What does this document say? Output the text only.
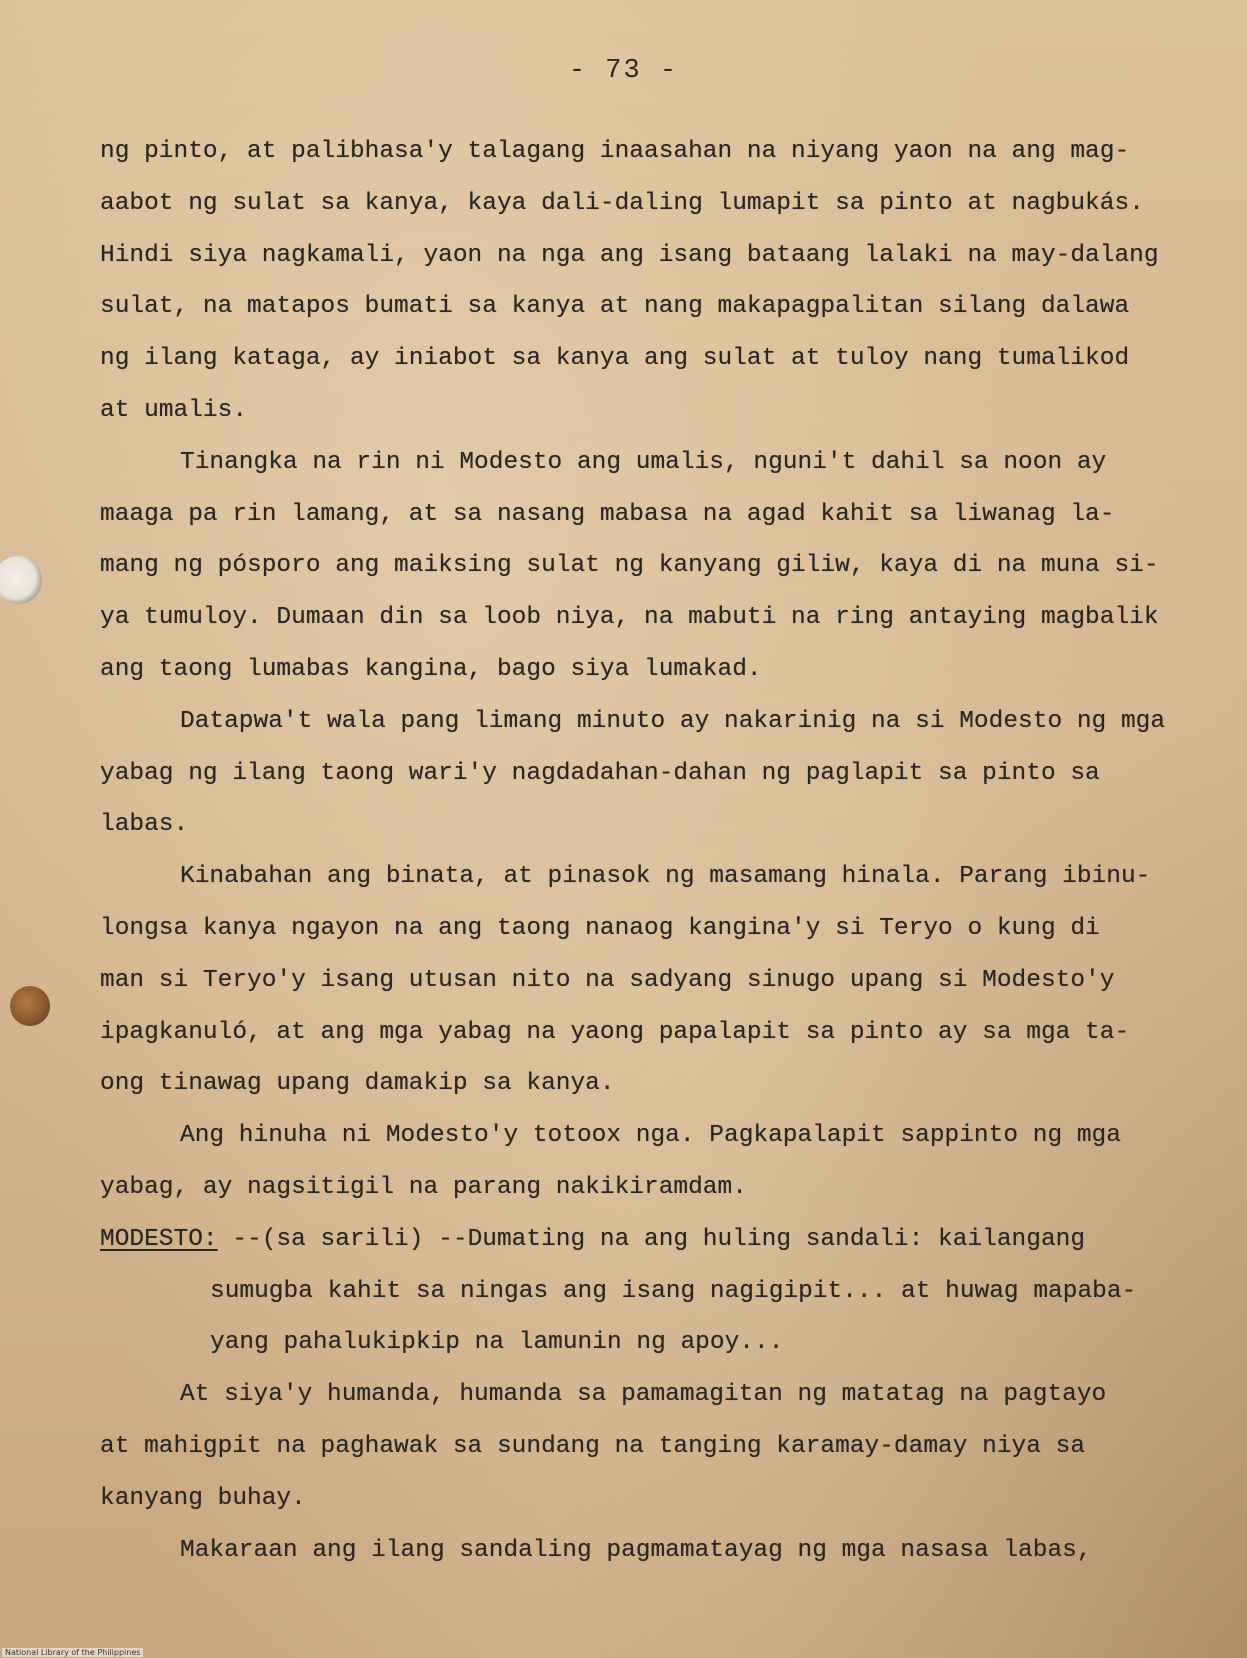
- 73 -
ng pinto, at palibhasa'y talagang inaasahan na niyang yaon na ang mag-
aabot ng sulat sa kanya, kaya dali-daling lumapit sa pinto at nagbukás.
Hindi siya nagkamali, yaon na nga ang isang bataang lalaki na may-dalang
sulat, na matapos bumati sa kanya at nang makapagpalitan silang dalawa
ng ilang kataga, ay iniabot sa kanya ang sulat at tuloy nang tumalikod
at umalis.
Tinangka na rin ni Modesto ang umalis, nguni't dahil sa noon ay
maaga pa rin lamang, at sa nasang mabasa na agad kahit sa liwanag la-
mang ng pósporo ang maiksing sulat ng kanyang giliw, kaya di na muna si-
ya tumuloy. Dumaan din sa loob niya, na mabuti na ring antaying magbalik
ang taong lumabas kangina, bago siya lumakad.
Datapwa't wala pang limang minuto ay nakarinig na si Modesto ng mga
yabag ng ilang taong wari'y nagdadahan-dahan ng paglapit sa pinto sa
labas.
Kinabahan ang binata, at pinasok ng masamang hinala. Parang ibinu-
longsa kanya ngayon na ang taong nanaog kangina'y si Teryo o kung di
man si Teryo'y isang utusan nito na sadyang sinugo upang si Modesto'y
ipagkanuló, at ang mga yabag na yaong papalapit sa pinto ay sa mga ta-
ong tinawag upang damakip sa kanya.
Ang hinuha ni Modesto'y totoox nga. Pagkapalapit sappinto ng mga
yabag, ay nagsitigil na parang nakikiramdam.
MODESTO: --(sa sarili) --Dumating na ang huling sandali: kailangang
sumugba kahit sa ningas ang isang nagigipit... at huwag mapaba-
yang pahalukipkip na lamunin ng apoy...
At siya'y humanda, humanda sa pamamagitan ng matatag na pagtayo
at mahigpit na paghawak sa sundang na tanging karamay-damay niya sa
kanyang buhay.
Makaraan ang ilang sandaling pagmamatayag ng mga nasasa labas,
National Library of the Philippines
